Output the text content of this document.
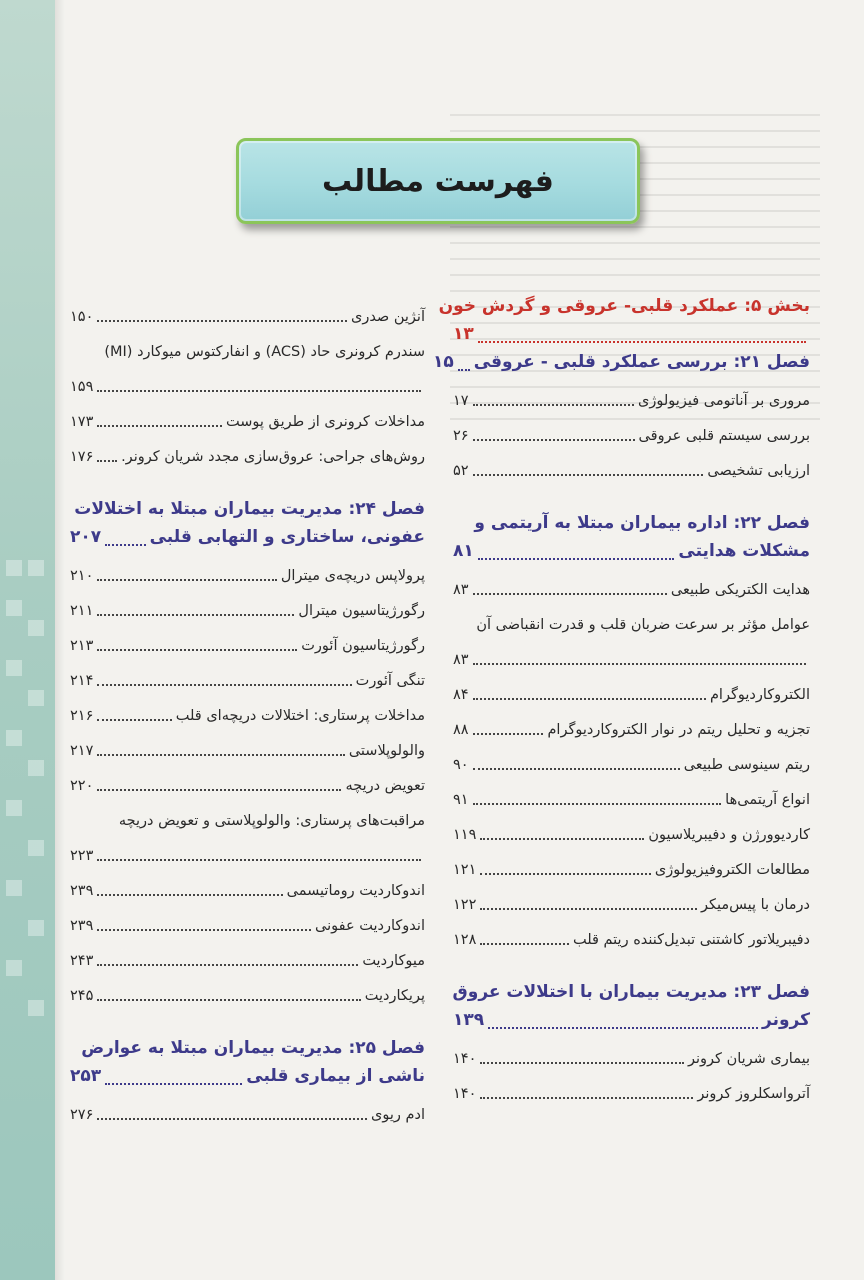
فهرست مطالب
بخش ۵: عملکرد قلبی- عروقی و گردش خون
۱۳
فصل ۲۱: بررسی عملکرد قلبی - عروقی
۱۵
مروری بر آناتومی فیزیولوژی
۱۷
بررسی سیستم قلبی عروقی
۲۶
ارزیابی تشخیصی
۵۲
فصل ۲۲: اداره بیماران مبتلا به آریتمی و
مشکلات هدایتی
۸۱
هدایت الکتریکی طبیعی
۸۳
عوامل مؤثر بر سرعت ضربان قلب و قدرت انقباضی آن
۸۳
الکتروکاردیوگرام
۸۴
تجزیه و تحلیل ریتم در نوار الکتروکاردیوگرام
۸۸
ریتم سینوسی طبیعی
۹۰
انواع آریتمی‌ها
۹۱
کاردیوورژن و دفیبریلاسیون
۱۱۹
مطالعات الکتروفیزیولوژی
۱۲۱
درمان با پیس‌میکر
۱۲۲
دفیبریلاتور کاشتنی تبدیل‌کننده ریتم قلب
۱۲۸
فصل ۲۳: مدیریت بیماران با اختلالات عروق
کرونر
۱۳۹
بیماری شریان کرونر
۱۴۰
آترواسکلروز کرونر
۱۴۰
آنژین صدری
۱۵۰
سندرم کرونری حاد (ACS) و انفارکتوس میوکارد (MI)
۱۵۹
مداخلات کرونری از طریق پوست
۱۷۳
روش‌های جراحی: عروق‌سازی مجدد شریان کرونر.
۱۷۶
فصل ۲۴: مدیریت بیماران مبتلا به اختلالات
عفونی، ساختاری و التهابی قلبی
۲۰۷
پرولاپس دریچه‌ی میترال
۲۱۰
رگورژیتاسیون میترال
۲۱۱
رگورژیتاسیون آئورت
۲۱۳
تنگی آئورت
۲۱۴
مداخلات پرستاری: اختلالات دریچه‌ای قلب
۲۱۶
والولوپلاستی
۲۱۷
تعویض دریچه
۲۲۰
مراقبت‌های پرستاری: والولوپلاستی و تعویض دریچه
۲۲۳
اندوکاردیت روماتیسمی
۲۳۹
اندوکاردیت عفونی
۲۳۹
میوکاردیت
۲۴۳
پریکاردیت
۲۴۵
فصل ۲۵: مدیریت بیماران مبتلا به عوارض
ناشی از بیماری قلبی
۲۵۳
ادم ریوی
۲۷۶
